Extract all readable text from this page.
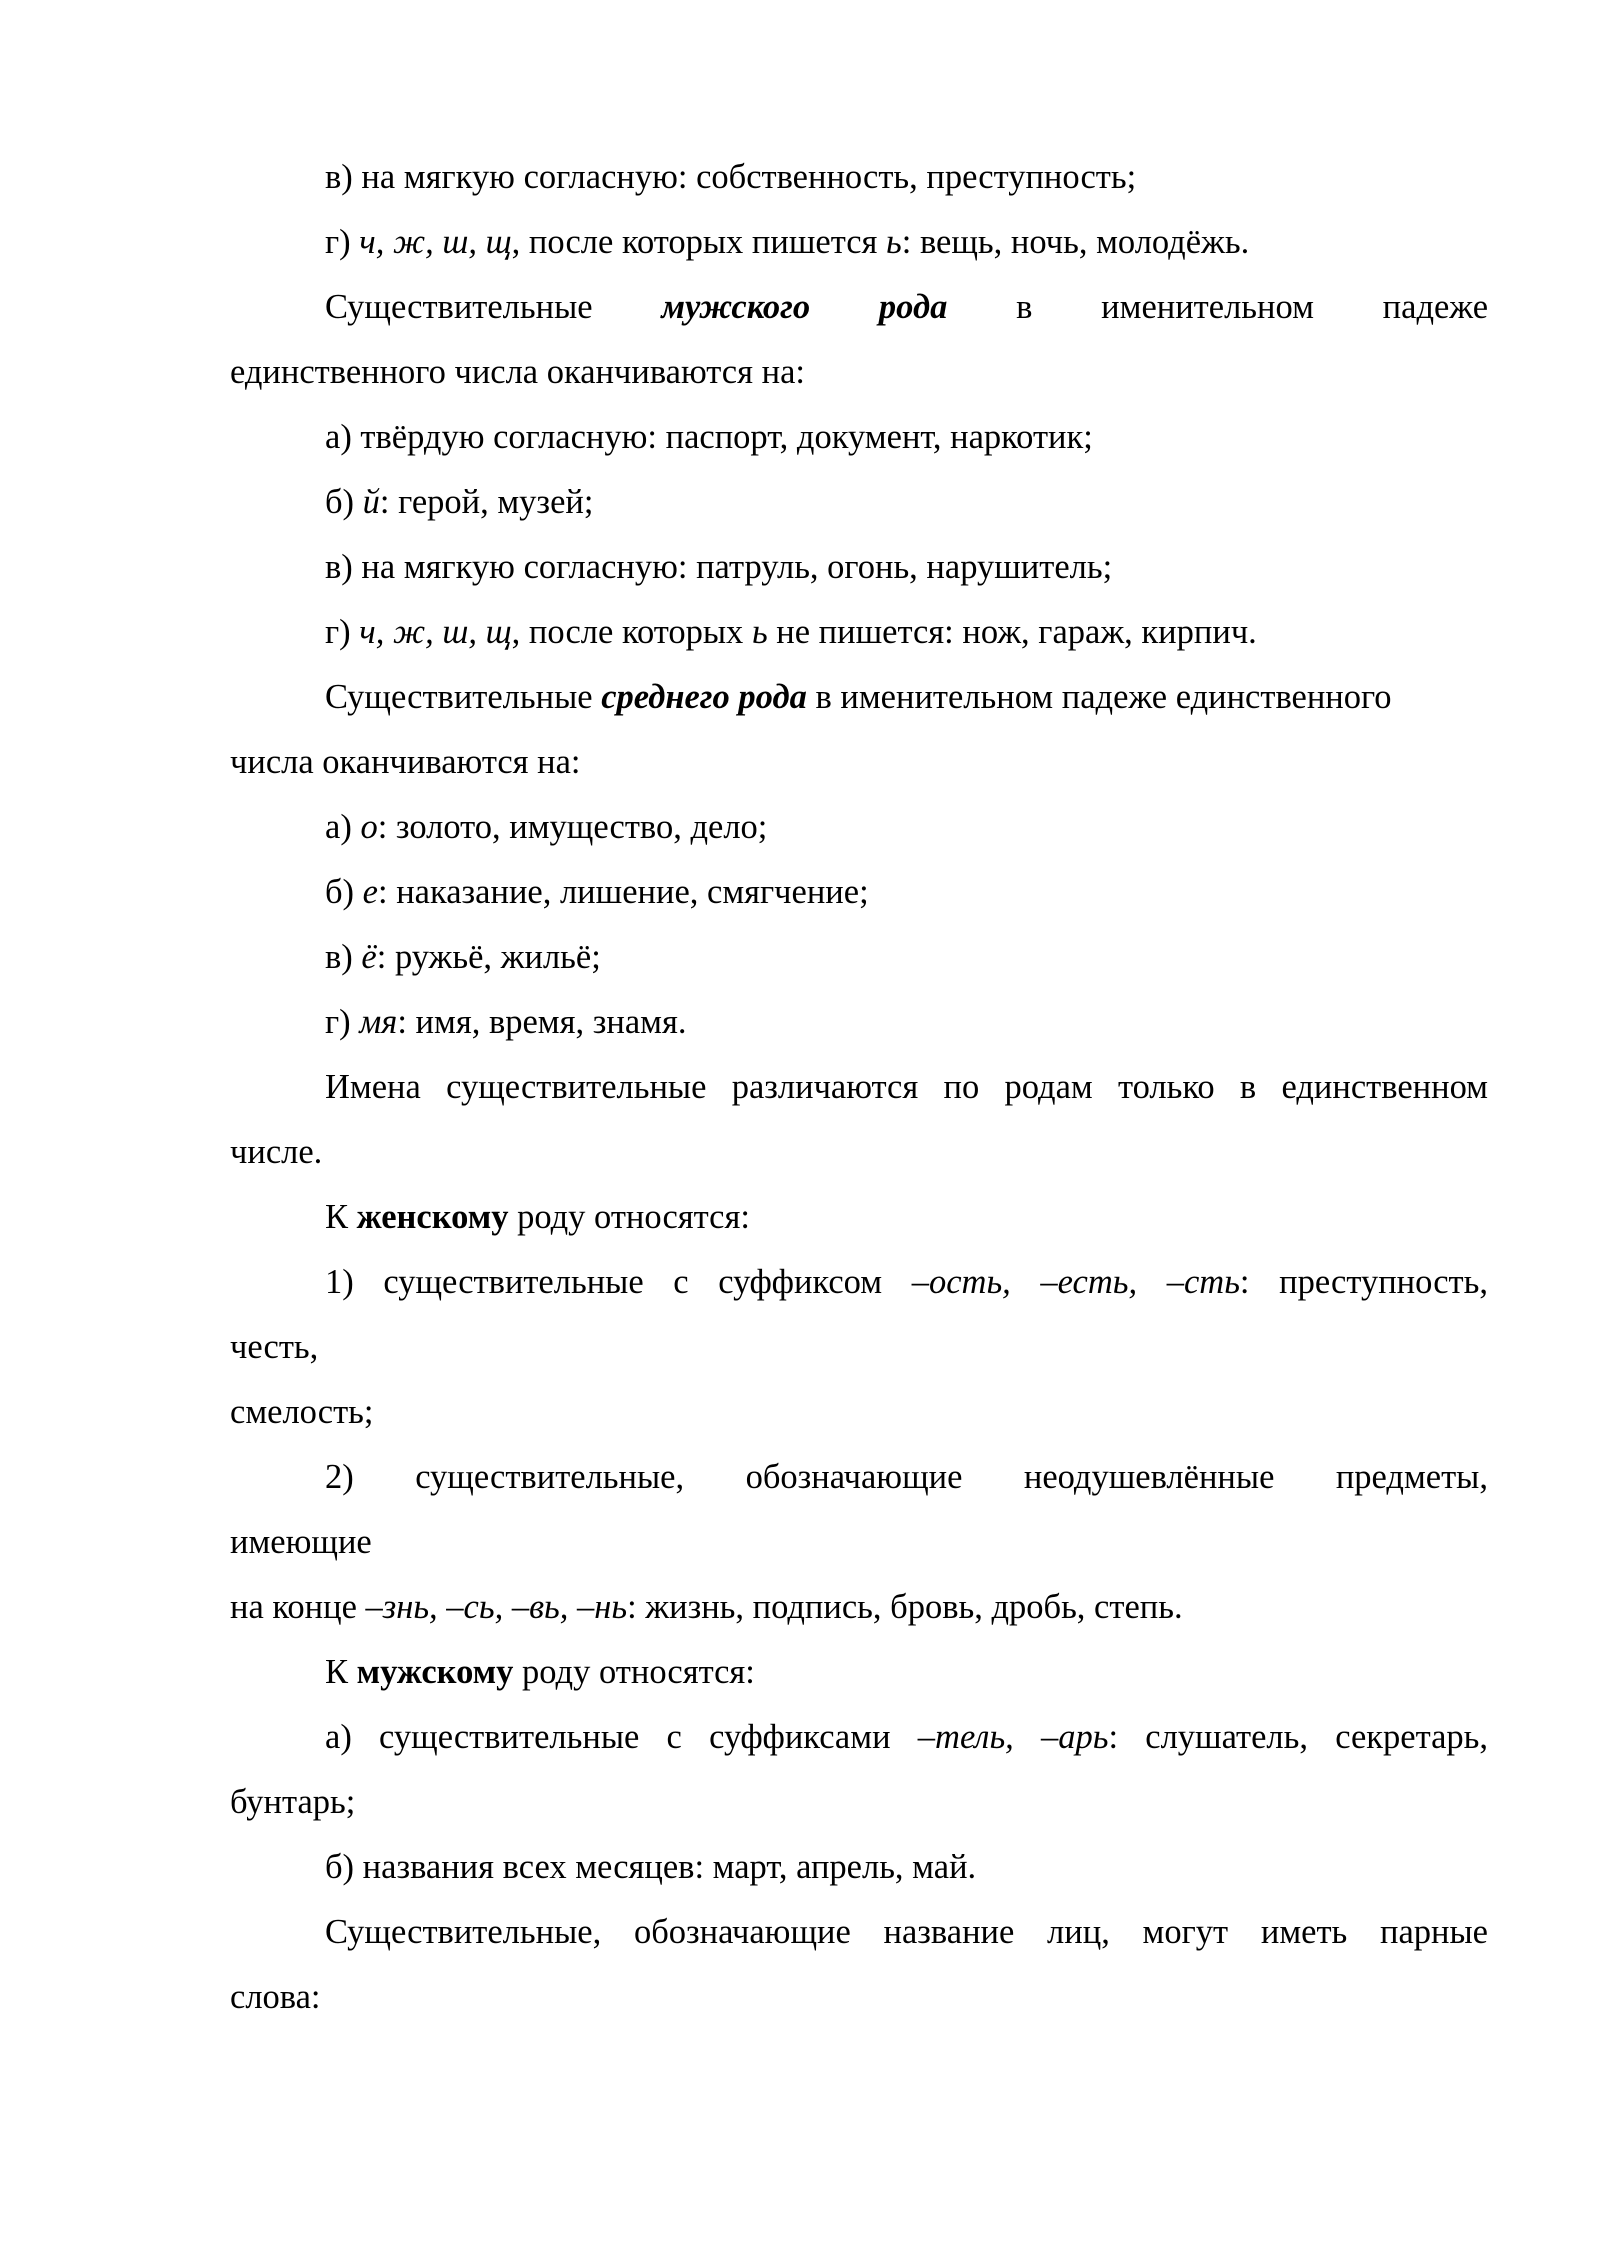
в) на мягкую согласную: собственность, преступность;

г) ч, ж, ш, щ, после которых пишется ь: вещь, ночь, молодёжь.

Существительные мужского рода в именительном падеже
единственного числа оканчиваются на:

а) твёрдую согласную: паспорт, документ, наркотик;

б) й: герой, музей;

в) на мягкую согласную: патруль, огонь, нарушитель;

г) ч, ж, ш, щ, после которых ь не пишется: нож, гараж, кирпич.

Существительные среднего рода в именительном падеже единственного
числа оканчиваются на:

а) о: золото, имущество, дело;

б) е: наказание, лишение, смягчение;

в) ё: ружьё, жильё;

г) мя: имя, время, знамя.

Имена существительные различаются по родам только в единственном
числе.

К женскому роду относятся:

1) существительные с суффиксом –ость, –есть, –сть: преступность,
честь,
смелость;
2) существительные, обозначающие неодушевлённые предметы,
имеющие
на конце –знь, –сь, –вь, –нь: жизнь, подпись, бровь, дробь, степь.

К мужскому роду относятся:

а) существительные с суффиксами –тель, –арь: слушатель, секретарь,
бунтарь;

б) названия всех месяцев: март, апрель, май.

Существительные, обозначающие название лиц, могут иметь парные
слова:
